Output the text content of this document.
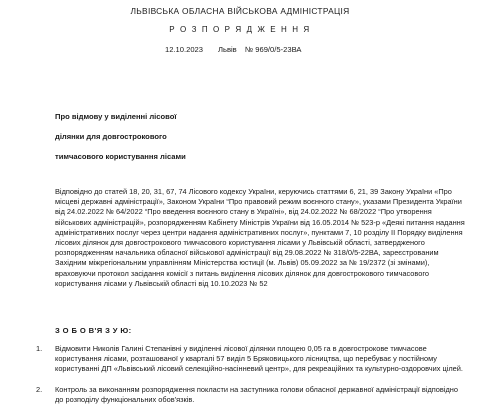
ЛЬВІВСЬКА ОБЛАСНА ВІЙСЬКОВА АДМІНІСТРАЦІЯ
Р О З П О Р Я Д Ж Е Н Н Я
12.10.2023 Львів № 969/0/5-23ВА
Про відмову у виділенні лісової
ділянки для довгострокового
тимчасового користування лісами

Відповідно до статей 18, 20, 31, 67, 74 Лісового кодексу України, керуючись статтями 6, 21, 39 Закону України «Про місцеві державні адміністрації», Законом України “Про правовий режим воєнного стану», указами Президента України від 24.02.2022 № 64/2022 “Про введення воєнного стану в Україні», від 24.02.2022 № 68/2022 “Про утворення військових адміністрацій», розпорядженням Кабінету Міністрів України від 16.05.2014 № 523-р «Деякі питання надання адміністративних послуг через центри надання адміністративних послуг», пунктами 7, 10 розділу II Порядку виділення лісових ділянок для довгострокового тимчасового користування лісами у Львівській області, затвердженого розпорядженням начальника обласної військової адміністрації від 29.08.2022 № 318/0/5-22ВА, зареєстрованим Західним міжрегіональним управлінням Міністерства юстиції (м. Львів) 05.09.2022 за № 19/2372 (зі змінами), враховуючи протокол засідання комісії з питань виділення лісових ділянок для довгострокового тимчасового користування лісами у Львівській області від 10.10.2023 № 52

З О Б О В'Я З У Ю:
1. Відмовити Николів Галині Степанівні у виділенні лісової ділянки площею 0,05 га в довгострокове тимчасове користування лісами, розташованої у кварталі 57 виділ 5 Бряковицького лісництва, що перебуває у постійному користуванні ДП «Львівський лісовий селекційно-насінневий центр», для рекреаційних та культурно-оздоровчих цілей.
2. Контроль за виконанням розпорядження покласти на заступника голови обласної державної адміністрації відповідно до розподілу функціональних обов'язків.
